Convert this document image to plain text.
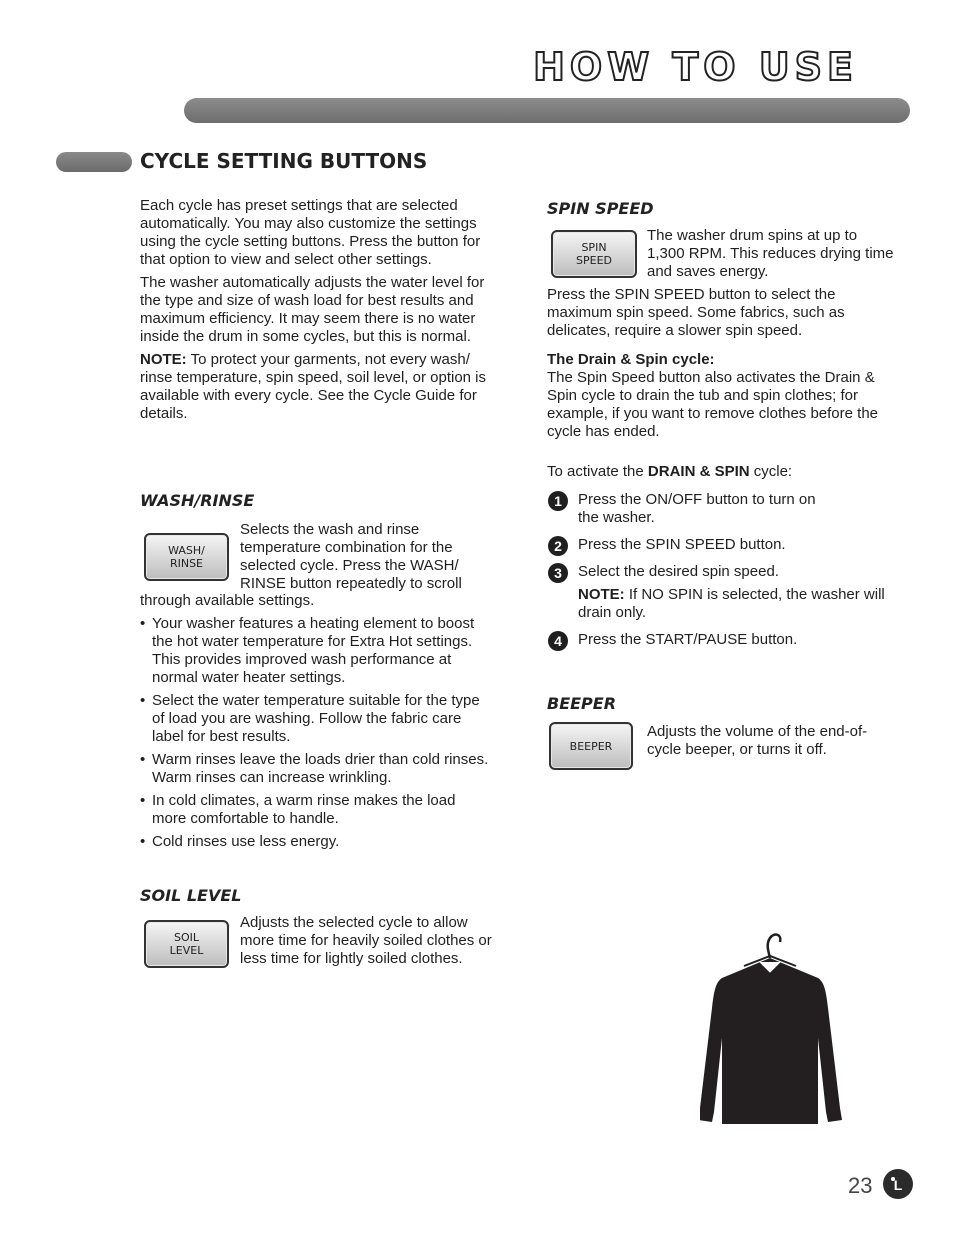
HOW TO USE
CYCLE SETTING BUTTONS

Each cycle has preset settings that are selected automatically. You may also customize the settings using the cycle setting buttons. Press the button for that option to view and select other settings.

The washer automatically adjusts the water level for the type and size of wash load for best results and maximum efficiency. It may seem there is no water inside the drum in some cycles, but this is normal.

NOTE: To protect your garments, not every wash/ rinse temperature, spin speed, soil level, or option is available with every cycle. See the Cycle Guide for details.

WASH/RINSE
WASH/
RINSE

Selects the wash and rinse temperature combination for the selected cycle. Press the WASH/ RINSE button repeatedly to scroll

through available settings.

• Your washer features a heating element to boost the hot water temperature for Extra Hot settings. This provides improved wash performance at normal water heater settings.
• Select the water temperature suitable for the type of load you are washing. Follow the fabric care label for best results.
• Warm rinses leave the loads drier than cold rinses. Warm rinses can increase wrinkling.
• In cold climates, a warm rinse makes the load more comfortable to handle.
• Cold rinses use less energy.
SOIL LEVEL
SOIL
LEVEL

Adjusts the selected cycle to allow more time for heavily soiled clothes or less time for lightly soiled clothes.

SPIN SPEED
SPIN
SPEED

The washer drum spins at up to 1,300 RPM. This reduces drying time and saves energy.

Press the SPIN SPEED button to select the maximum spin speed. Some fabrics, such as delicates, require a slower spin speed.

The Drain & Spin cycle:

The Spin Speed button also activates the Drain & Spin cycle to drain the tub and spin clothes; for example, if you want to remove clothes before the cycle has ended.

To activate the DRAIN & SPIN cycle:

1	Press the ON/OFF button to turn on the washer.
2	Press the SPIN SPEED button.
3	Select the desired spin speed.
NOTE: If NO SPIN is selected, the washer will drain only.
4	Press the START/PAUSE button.
BEEPER
BEEPER

Adjusts the volume of the end-of-cycle beeper, or turns it off.

23 L
